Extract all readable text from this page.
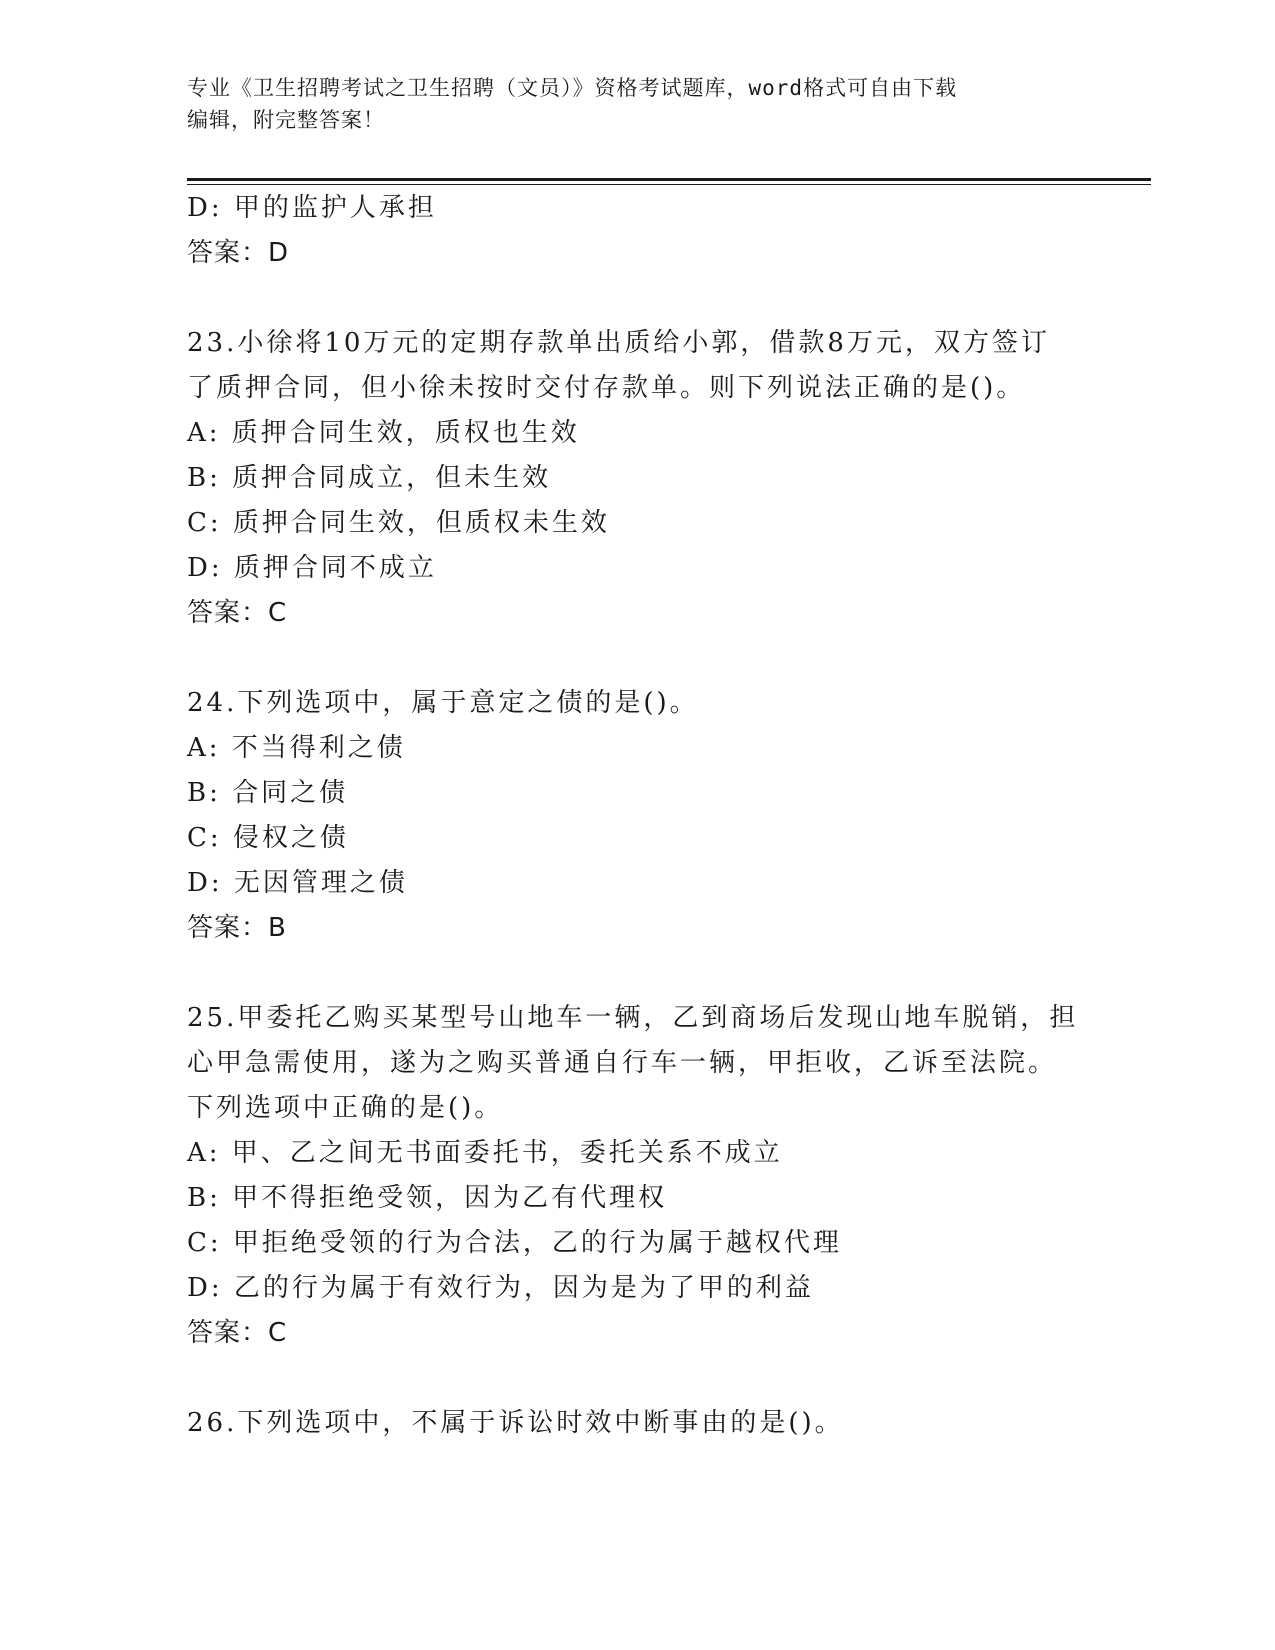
专业《卫生招聘考试之卫生招聘（文员）》资格考试题库，word格式可自由下载
编辑，附完整答案！
D: 甲的监护人承担
答案：D
23.小徐将10万元的定期存款单出质给小郭，借款8万元，双方签订
了质押合同，但小徐未按时交付存款单。则下列说法正确的是()。
A: 质押合同生效，质权也生效
B: 质押合同成立，但未生效
C: 质押合同生效，但质权未生效
D: 质押合同不成立
答案：C
24.下列选项中，属于意定之债的是()。
A: 不当得利之债
B: 合同之债
C: 侵权之债
D: 无因管理之债
答案：B
25.甲委托乙购买某型号山地车一辆，乙到商场后发现山地车脱销，担
心甲急需使用，遂为之购买普通自行车一辆，甲拒收，乙诉至法院。
下列选项中正确的是()。
A: 甲、乙之间无书面委托书，委托关系不成立
B: 甲不得拒绝受领，因为乙有代理权
C: 甲拒绝受领的行为合法，乙的行为属于越权代理
D: 乙的行为属于有效行为，因为是为了甲的利益
答案：C
26.下列选项中，不属于诉讼时效中断事由的是()。
